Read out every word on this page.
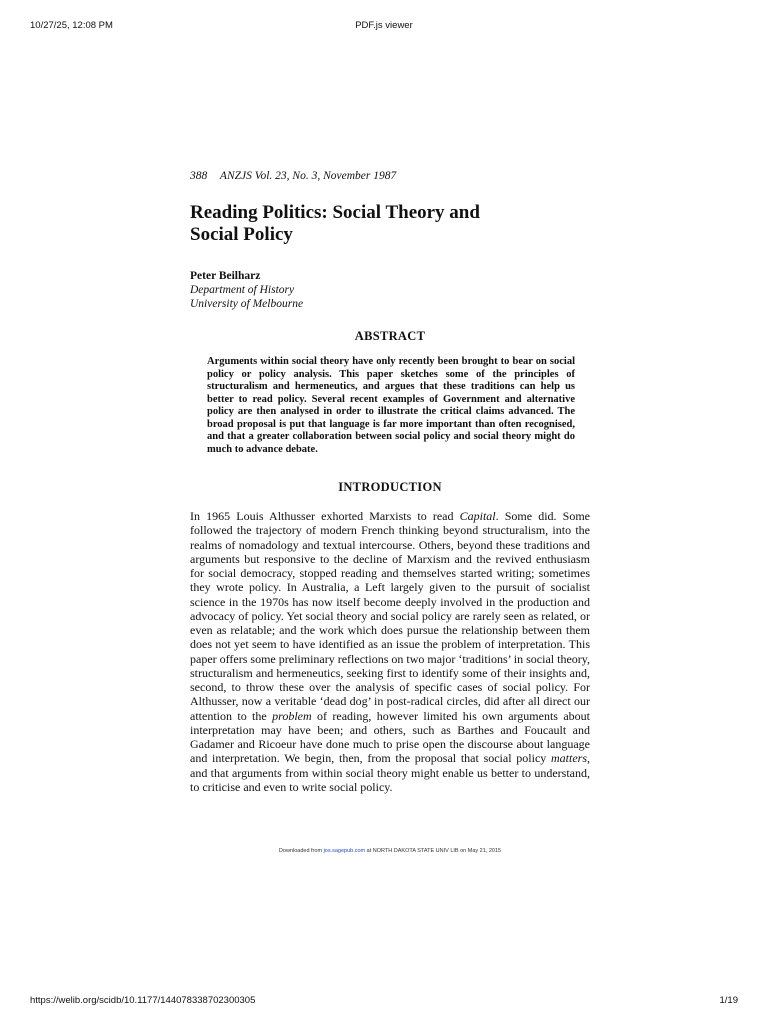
10/27/25, 12:08 PM	PDF.js viewer

388 ANZJS Vol. 23, No. 3, November 1987

Reading Politics: Social Theory and Social Policy

Peter Beilharz

Department of History

University of Melbourne

ABSTRACT

Arguments within social theory have only recently been brought to bear on social policy or policy analysis. This paper sketches some of the principles of structuralism and hermeneutics, and argues that these traditions can help us better to read policy. Several recent examples of Government and alternative policy are then analysed in order to illustrate the critical claims advanced. The broad proposal is put that language is far more important than often recognised, and that a greater collaboration between social policy and social theory might do much to advance debate.

INTRODUCTION

In 1965 Louis Althusser exhorted Marxists to read Capital. Some did. Some followed the trajectory of modern French thinking beyond structuralism, into the realms of nomadology and textual intercourse. Others, beyond these traditions and arguments but responsive to the decline of Marxism and the revived enthusiasm for social democracy, stopped reading and themselves started writing; sometimes they wrote policy. In Australia, a Left largely given to the pursuit of socialist science in the 1970s has now itself become deeply involved in the production and advocacy of policy. Yet social theory and social policy are rarely seen as related, or even as relatable; and the work which does pursue the relationship between them does not yet seem to have identified as an issue the problem of interpretation. This paper offers some preliminary reflections on two major ‘traditions’ in social theory, structuralism and hermeneutics, seeking first to identify some of their insights and, second, to throw these over the analysis of specific cases of social policy. For Althusser, now a veritable ‘dead dog’ in post-radical circles, did after all direct our attention to the problem of reading, however limited his own arguments about interpretation may have been; and others, such as Barthes and Foucault and Gadamer and Ricoeur have done much to prise open the discourse about language and interpretation. We begin, then, from the proposal that social policy matters, and that arguments from within social theory might enable us better to understand, to criticise and even to write social policy.

Downloaded from jos.sagepub.com at NORTH DAKOTA STATE UNIV LIB on May 21, 2015
https://welib.org/scidb/10.1177/144078338702300305	1/19
